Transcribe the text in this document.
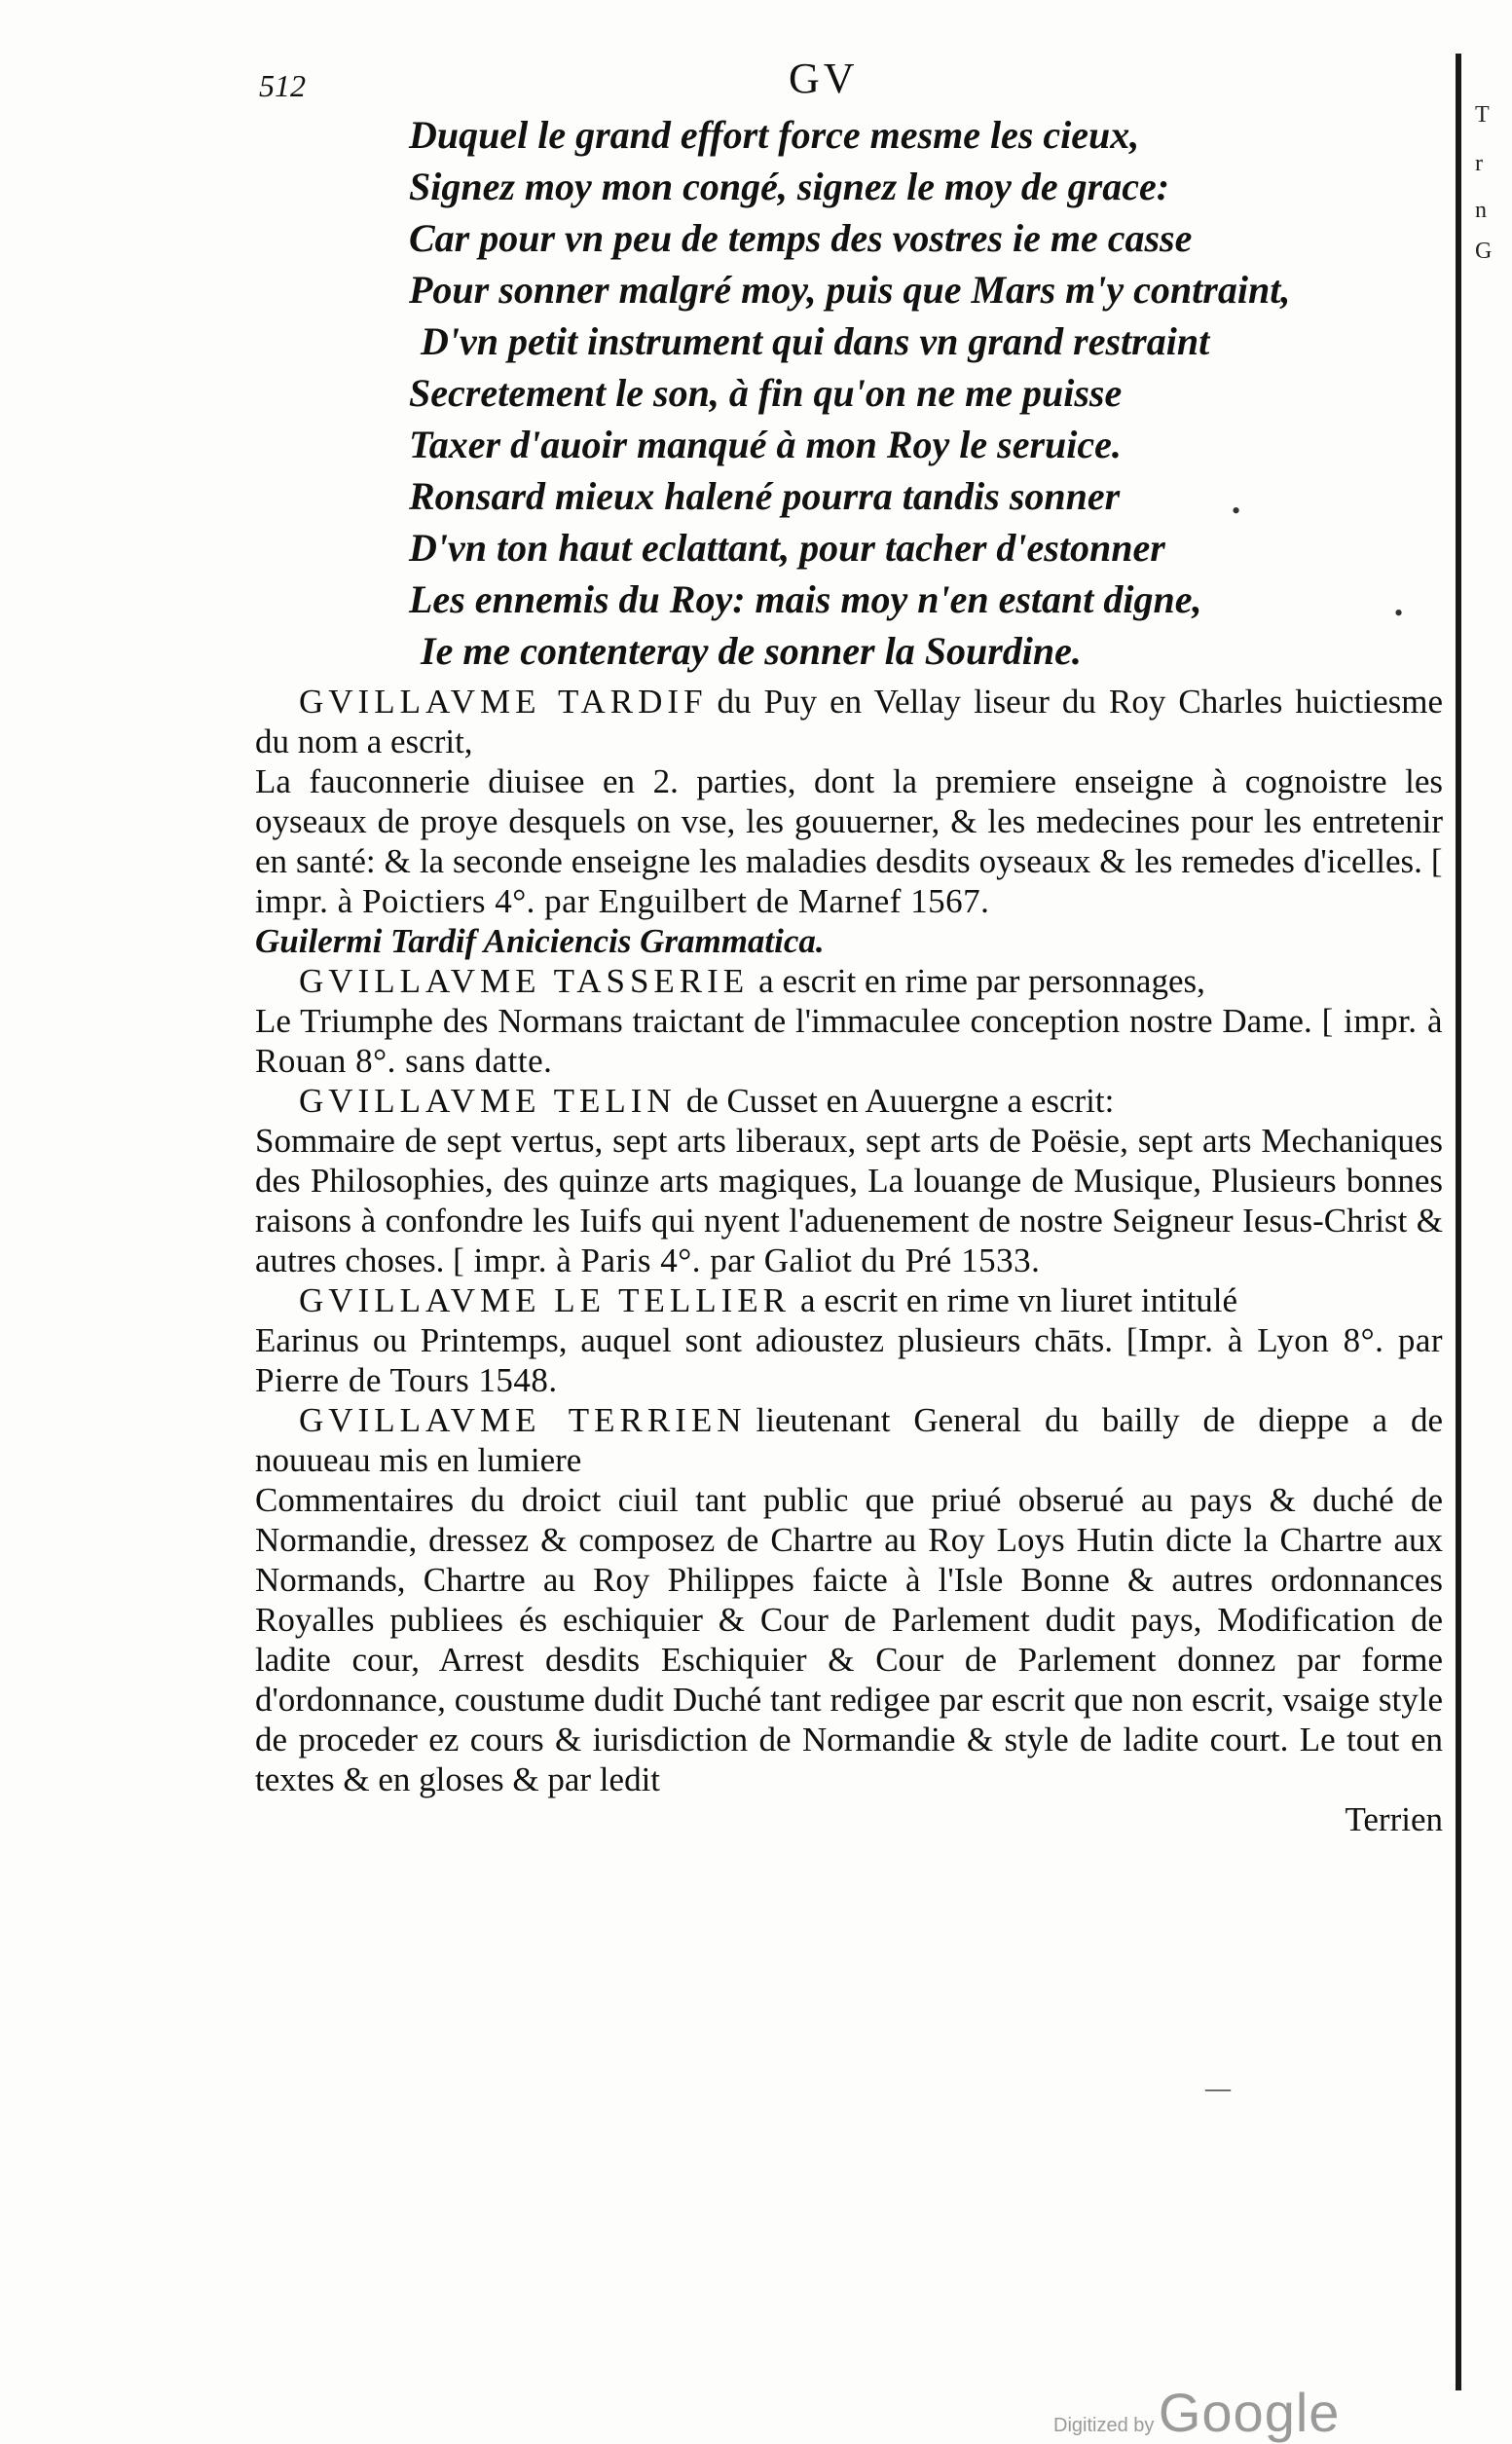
512	GV
Duquel le grand effort force mesme les cieux,
Signez moy mon congé, signez le moy de grace:
Car pour vn peu de temps des vostres ie me casse
Pour sonner malgré moy, puis que Mars m'y contraint,
D'vn petit instrument qui dans vn grand restraint
Secretement le son, à fin qu'on ne me puisse
Taxer d'auoir manqué à mon Roy le seruice.
Ronsard mieux halené pourra tandis sonner
D'vn ton haut eclattant, pour tacher d'estonner
Les ennemis du Roy: mais moy n'en estant digne,
Ie me contenteray de sonner la Sourdine.

GVILLAVME TARDIF du Puy en Vellay liseur du Roy Charles huictiesme du nom a escrit,

La fauconnerie diuisee en 2. parties, dont la premiere enseigne à cognoistre les oyseaux de proye desquels on vse, les gouuerner, & les medecines pour les entretenir en santé: & la seconde enseigne les maladies desdits oyseaux & les remedes d'icelles. [ impr. à Poictiers 4°. par Enguilbert de Marnef 1567.

Guilermi Tardif Aniciencis Grammatica.

GVILLAVME TASSERIE a escrit en rime par personnages,

Le Triumphe des Normans traictant de l'immaculee conception nostre Dame. [ impr. à Rouan 8°. sans datte.

GVILLAVME TELIN de Cusset en Auuergne a escrit:

Sommaire de sept vertus, sept arts liberaux, sept arts de Poësie, sept arts Mechaniques des Philosophies, des quinze arts magiques, La louange de Musique, Plusieurs bonnes raisons à confondre les Iuifs qui nyent l'aduenement de nostre Seigneur Iesus-Christ & autres choses. [ impr. à Paris 4°. par Galiot du Pré 1533.

GVILLAVME LE TELLIER a escrit en rime vn liuret intitulé

Earinus ou Printemps, auquel sont adioustez plusieurs chāts. [Impr. à Lyon 8°. par Pierre de Tours 1548.

GVILLAVME TERRIEN lieutenant General du bailly de dieppe a de nouueau mis en lumiere

Commentaires du droict ciuil tant public que priué obserué au pays & duché de Normandie, dressez & composez de Chartre au Roy Loys Hutin dicte la Chartre aux Normands, Chartre au Roy Philippes faicte à l'Isle Bonne & autres ordonnances Royalles publiees és eschiquier & Cour de Parlement dudit pays, Modification de ladite cour, Arrest desdits Eschiquier & Cour de Parlement donnez par forme d'ordonnance, coustume dudit Duché tant redigee par escrit que non escrit, vsaige style de proceder ez cours & iurisdiction de Normandie & style de ladite court. Le tout en textes & en gloses & par ledit

Terrien

T
r
n
G
•
•
—
Digitized by Google
